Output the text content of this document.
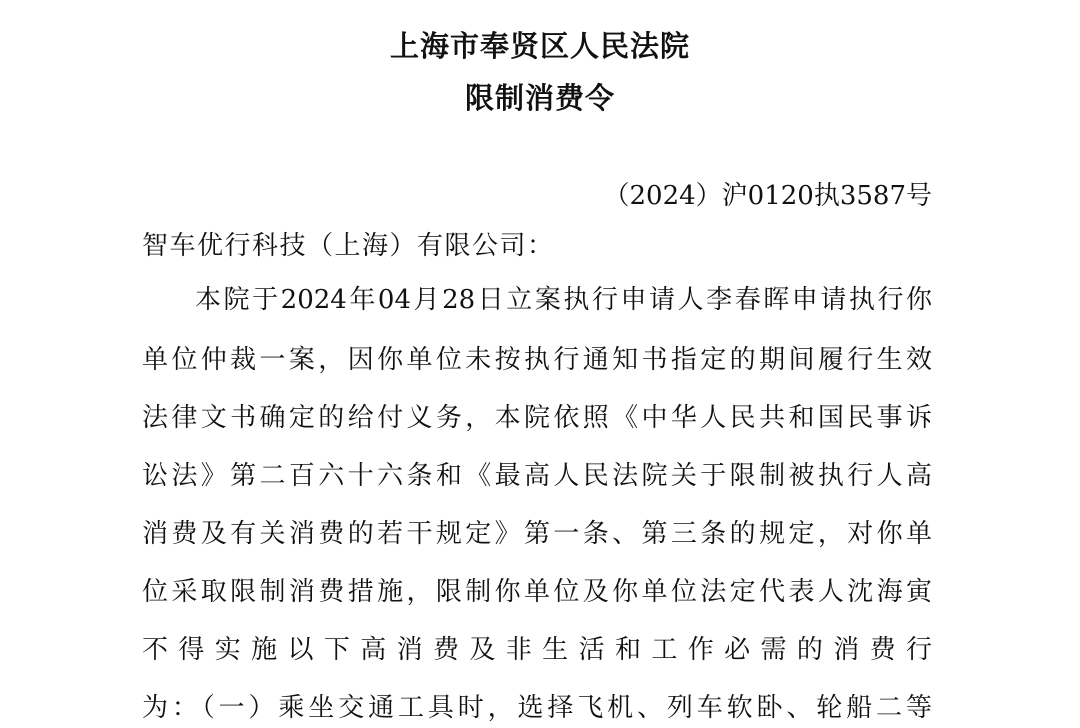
上海市奉贤区人民法院
限制消费令
（2024）沪0120执3587号
智车优行科技（上海）有限公司：
本院于2024年04月28日立案执行申请人李春晖申请执行你
单位仲裁一案，因你单位未按执行通知书指定的期间履行生效
法律文书确定的给付义务，本院依照《中华人民共和国民事诉
讼法》第二百六十六条和《最高人民法院关于限制被执行人高
消费及有关消费的若干规定》第一条、第三条的规定，对你单
位采取限制消费措施，限制你单位及你单位法定代表人沈海寅
不得实施以下高消费及非生活和工作必需的消费行
为：（一）乘坐交通工具时，选择飞机、列车软卧、轮船二等
